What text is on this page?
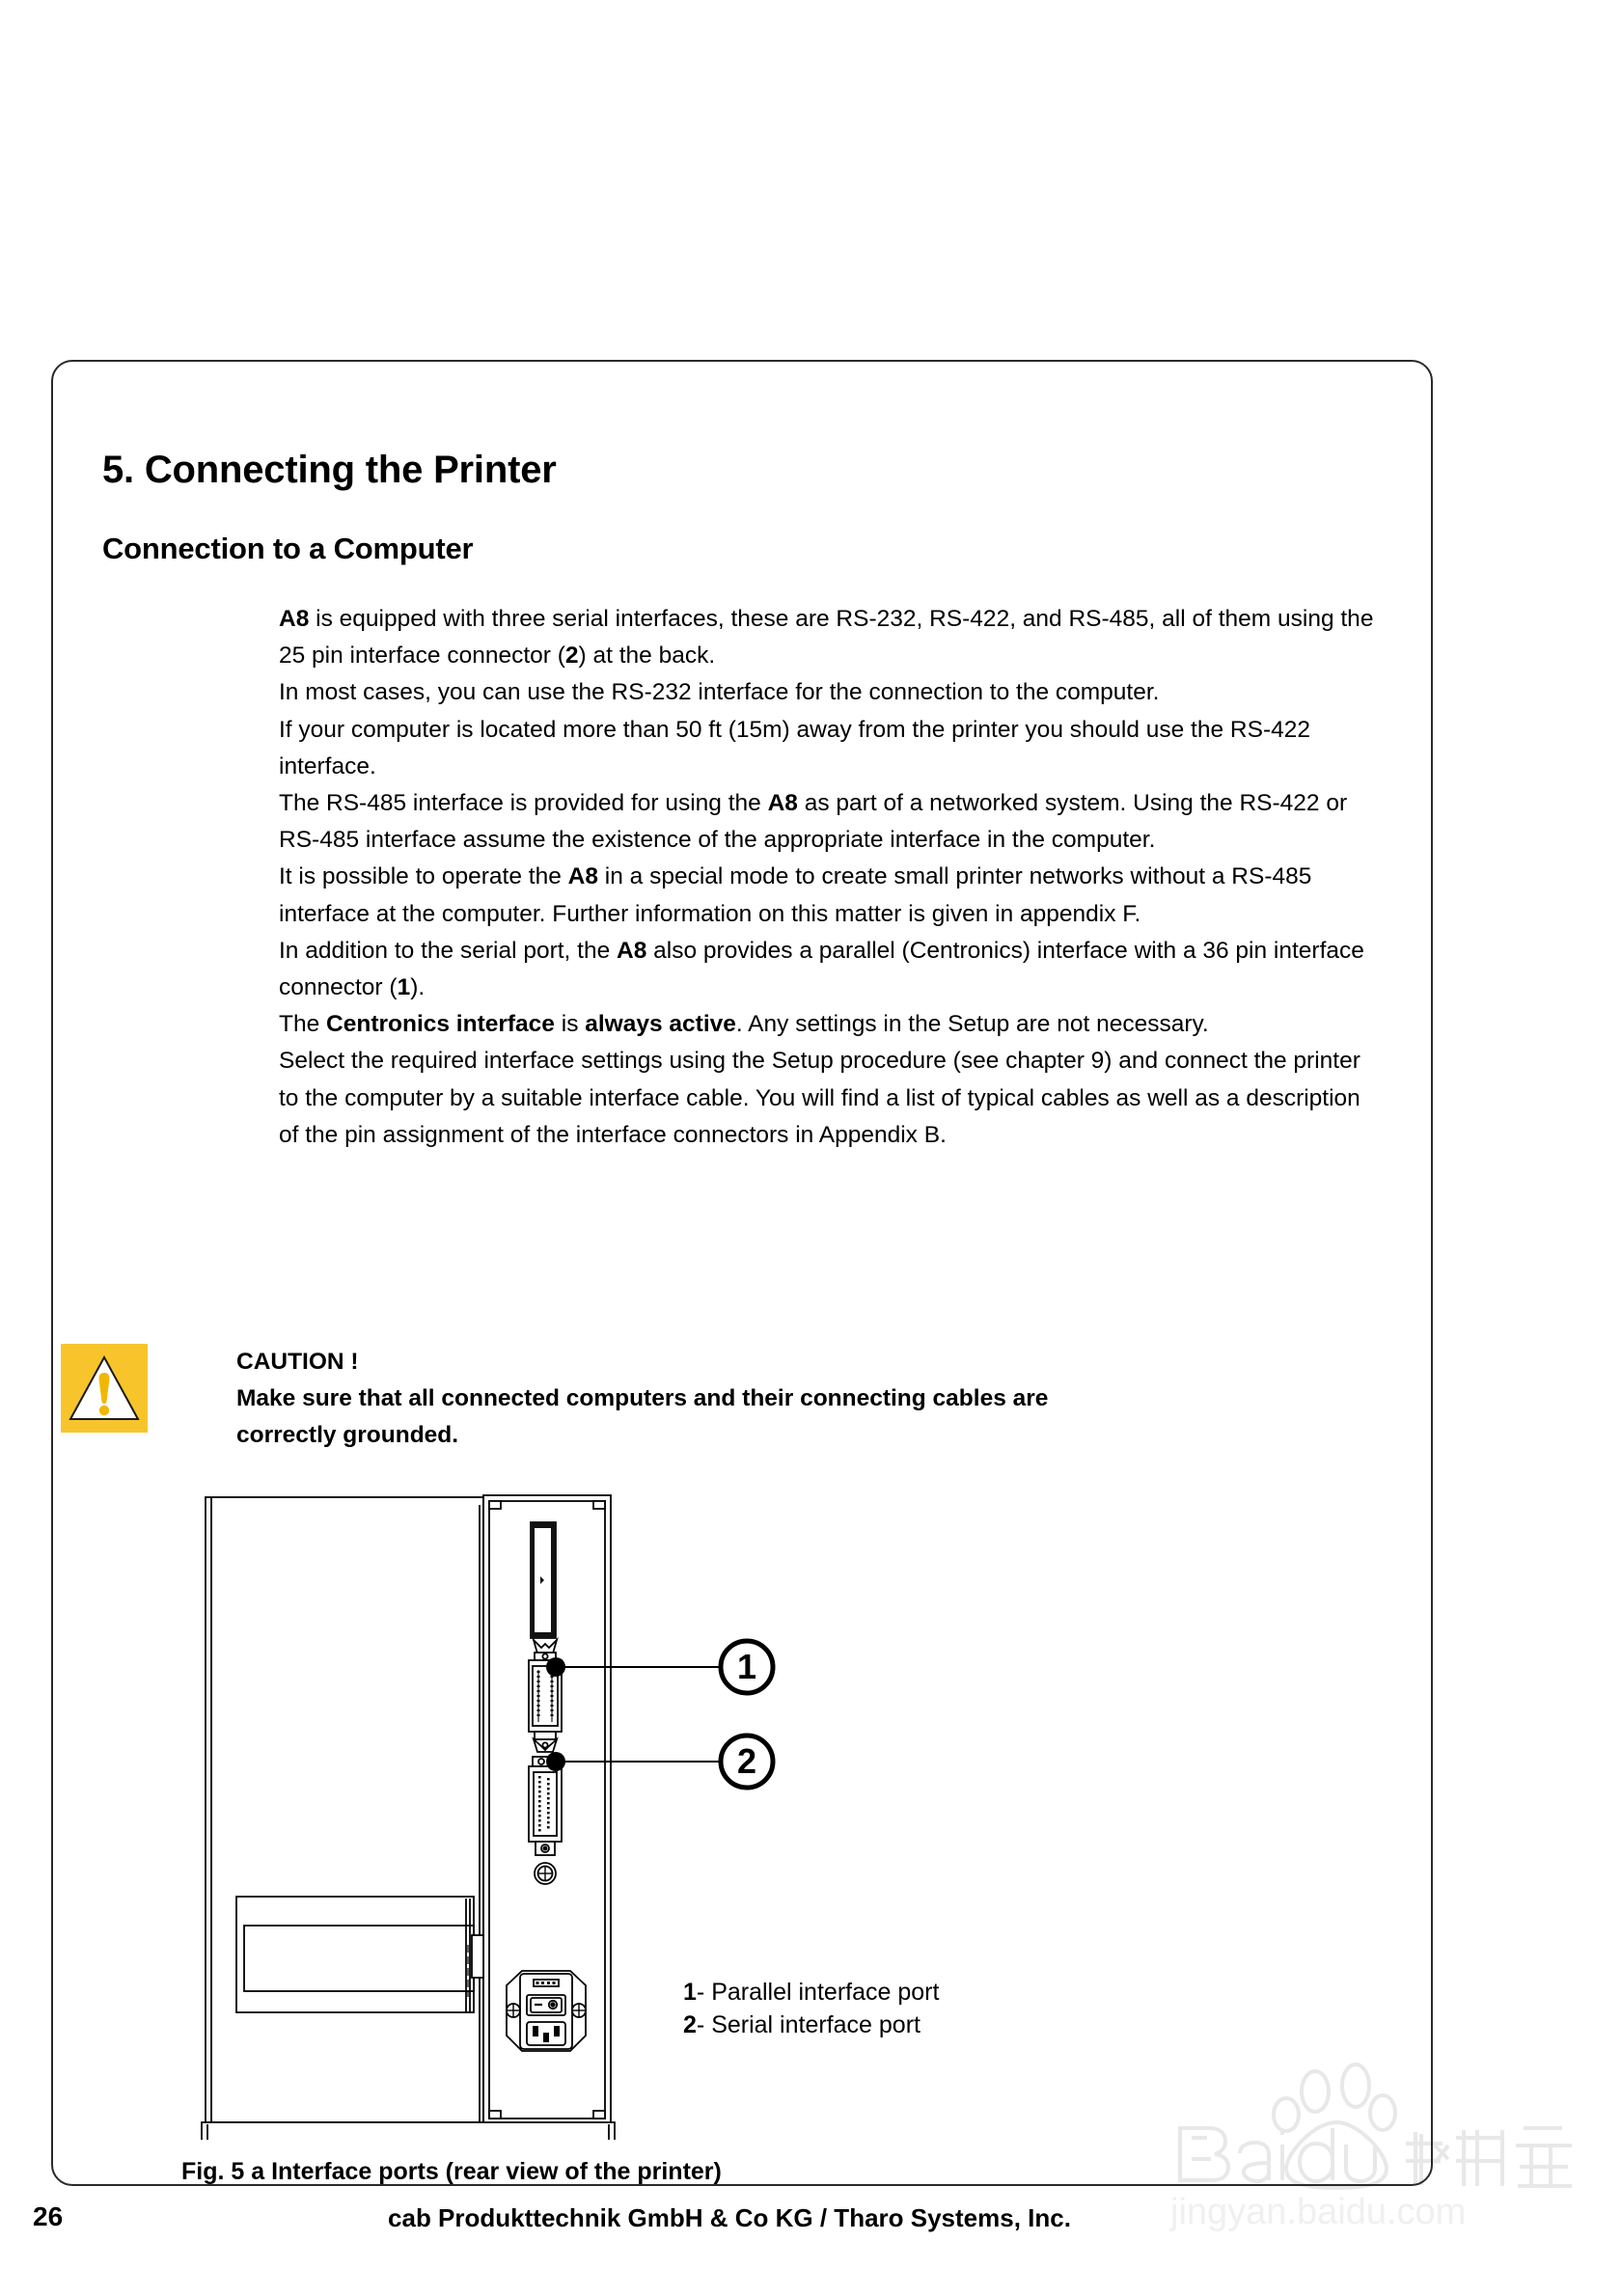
jingyan.baidu.com
5. Connecting the Printer
Connection to a Computer

A8 is equipped with three serial interfaces, these are RS-232, RS-422, and RS-485, all of them using the 25 pin interface connector (2) at the back.

In most cases, you can use the RS-232 interface for the connection to the computer.

If your computer is located more than 50 ft (15m) away from the printer you should use the RS-422 interface.

The RS-485 interface is provided for using the A8 as part of a networked system. Using the RS-422 or RS-485 interface assume the existence of the appropriate interface in the computer.

It is possible to operate the A8 in a special mode to create small printer networks without a RS-485 interface at the computer. Further information on this matter is given in appendix F.

In addition to the serial port, the A8 also provides a parallel (Centronics) interface with a 36 pin interface connector (1).

The Centronics interface is always active. Any settings in the Setup are not necessary.

Select the required interface settings using the Setup procedure (see chapter 9) and connect the printer to the computer by a suitable interface cable. You will find a list of typical cables as well as a description of the pin assignment of the interface connectors in Appendix B.

CAUTION !

Make sure that all connected computers and their connecting cables are

correctly grounded.

1
2
1- Parallel interface port
2- Serial interface port
Fig. 5 a Interface ports (rear view of the printer)
26	cab Produkttechnik GmbH & Co KG / Tharo Systems, Inc.
